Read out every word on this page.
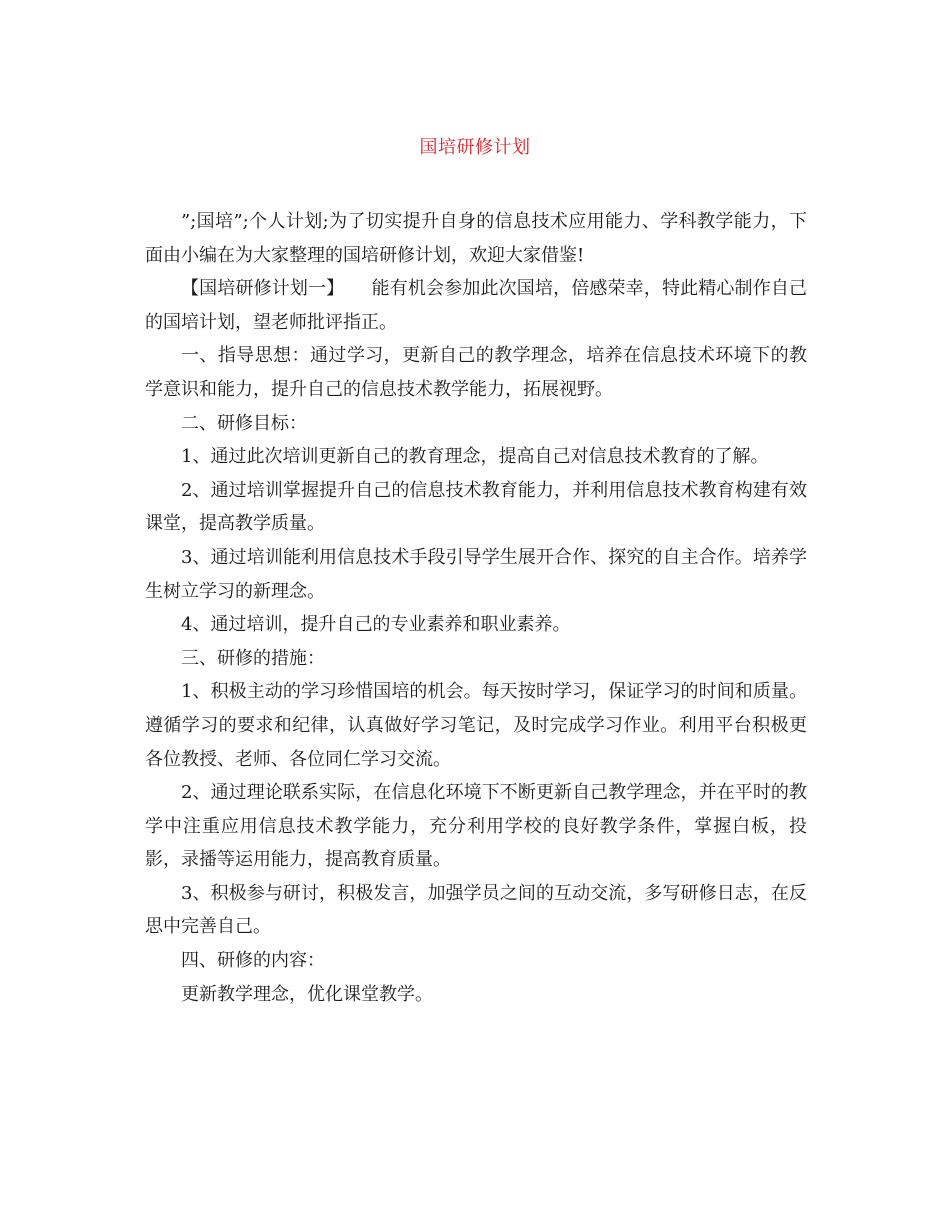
国培研修计划

”;国培”;个人计划;为了切实提升自身的信息技术应用能力、学科教学能力，下面由小编在为大家整理的国培研修计划，欢迎大家借鉴!

【国培研修计划一】　　能有机会参加此次国培，倍感荣幸，特此精心制作自己的国培计划，望老师批评指正。

一、指导思想：通过学习，更新自己的教学理念，培养在信息技术环境下的教学意识和能力，提升自己的信息技术教学能力，拓展视野。

二、研修目标：

1、通过此次培训更新自己的教育理念，提高自己对信息技术教育的了解。

2、通过培训掌握提升自己的信息技术教育能力，并利用信息技术教育构建有效课堂，提高教学质量。

3、通过培训能利用信息技术手段引导学生展开合作、探究的自主合作。培养学生树立学习的新理念。

4、通过培训，提升自己的专业素养和职业素养。

三、研修的措施：

1、积极主动的学习珍惜国培的机会。每天按时学习，保证学习的时间和质量。遵循学习的要求和纪律，认真做好学习笔记，及时完成学习作业。利用平台积极更各位教授、老师、各位同仁学习交流。

2、通过理论联系实际，在信息化环境下不断更新自己教学理念，并在平时的教学中注重应用信息技术教学能力，充分利用学校的良好教学条件，掌握白板，投影，录播等运用能力，提高教育质量。

3、积极参与研讨，积极发言，加强学员之间的互动交流，多写研修日志，在反思中完善自己。

四、研修的内容：

更新教学理念，优化课堂教学。
